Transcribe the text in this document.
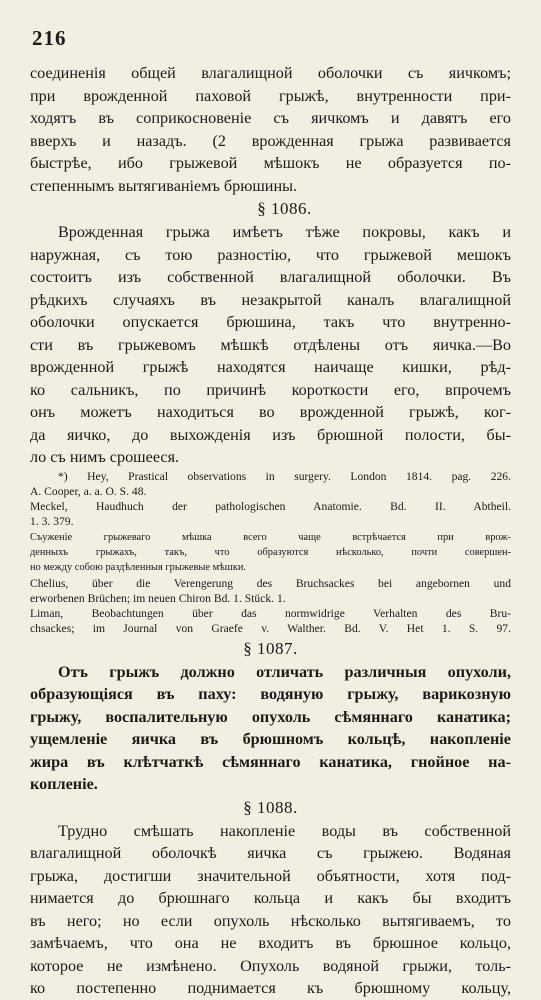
216
соединенія общей влагалищной оболочки съ яичкомъ;
при врожденной паховой грыжѣ, внутренности при-
ходятъ въ соприкосновеніе съ яичкомъ и давятъ его
вверхъ и назадъ. (2 врожденная грыжа развивается
быстрѣе, ибо грыжевой мѣшокъ не образуется по-
степеннымъ вытягиваніемъ брюшины.
§ 1086.
Врожденная грыжа имѣетъ тѣже покровы, какъ и
наружная, съ тою разностію, что грыжевой мешокъ
состоитъ изъ собственной влагалищной оболочки. Въ
рѣдкихъ случаяхъ въ незакрытой каналъ влагалищной
оболочки опускается брюшина, такъ что внутренно-
сти въ грыжевомъ мѣшкѣ отдѣлены отъ яичка.—Во
врожденной грыжѣ находятся наичаще кишки, рѣд-
ко сальникъ, по причинѣ короткости его, впрочемъ
онъ можетъ находиться во врожденной грыжѣ, ког-
да яичко, до выхожденія изъ брюшной полости, бы-
ло съ нимъ срошееся.
*) Hey, Prastical observations in surgery. London 1814. pag. 226.
A. Cooper, a. a. O. S. 48.
Meckel, Haudhuch der pathologischen Anatomie. Bd. II. Abtheil.
1. 3. 379.
Съуженіе грыжеваго мѣшка всего чаще встрѣчается при врож-
денныхъ грыжахъ, такъ, что образуются нѣсколько, почти совершен-
но между собою раздѣленныя грыжевые мѣшки.
Chelius, über die Verengerung des Bruchsackes bei angebornen und
erworbenen Brüchen; im neuen Chiron Bd. 1. Stück. 1.
Liman, Beobachtungen über das normwidrige Verhalten des Bru-
chsackes; im Journal von Graefe v. Walther. Bd. V. Het 1. S. 97.
§ 1087.
Отъ грыжъ должно отличать различныя опухоли,
образующіяся въ паху: водяную грыжу, варикозную
грыжу, воспалительную опухоль сѣмяннаго канатика;
ущемленіе яичка въ брюшномъ кольцѣ, накопленіе
жира въ клѣтчаткѣ сѣмяннаго канатика, гнойное на-
копленіе.
§ 1088.
Трудно смѣшать накопленіе воды въ собственной
влагалищной оболочкѣ яичка съ грыжею. Водяная
грыжа, достигши значительной объятности, хотя под-
нимается до брюшнаго кольца и какъ бы входитъ
въ него; но если опухоль нѣсколько вытягиваемъ, то
замѣчаемъ, что она не входитъ въ брюшное кольцо,
которое не измѣнено. Опухоль водяной грыжи, толь-
ко постепенно поднимается къ брюшному кольцу,
